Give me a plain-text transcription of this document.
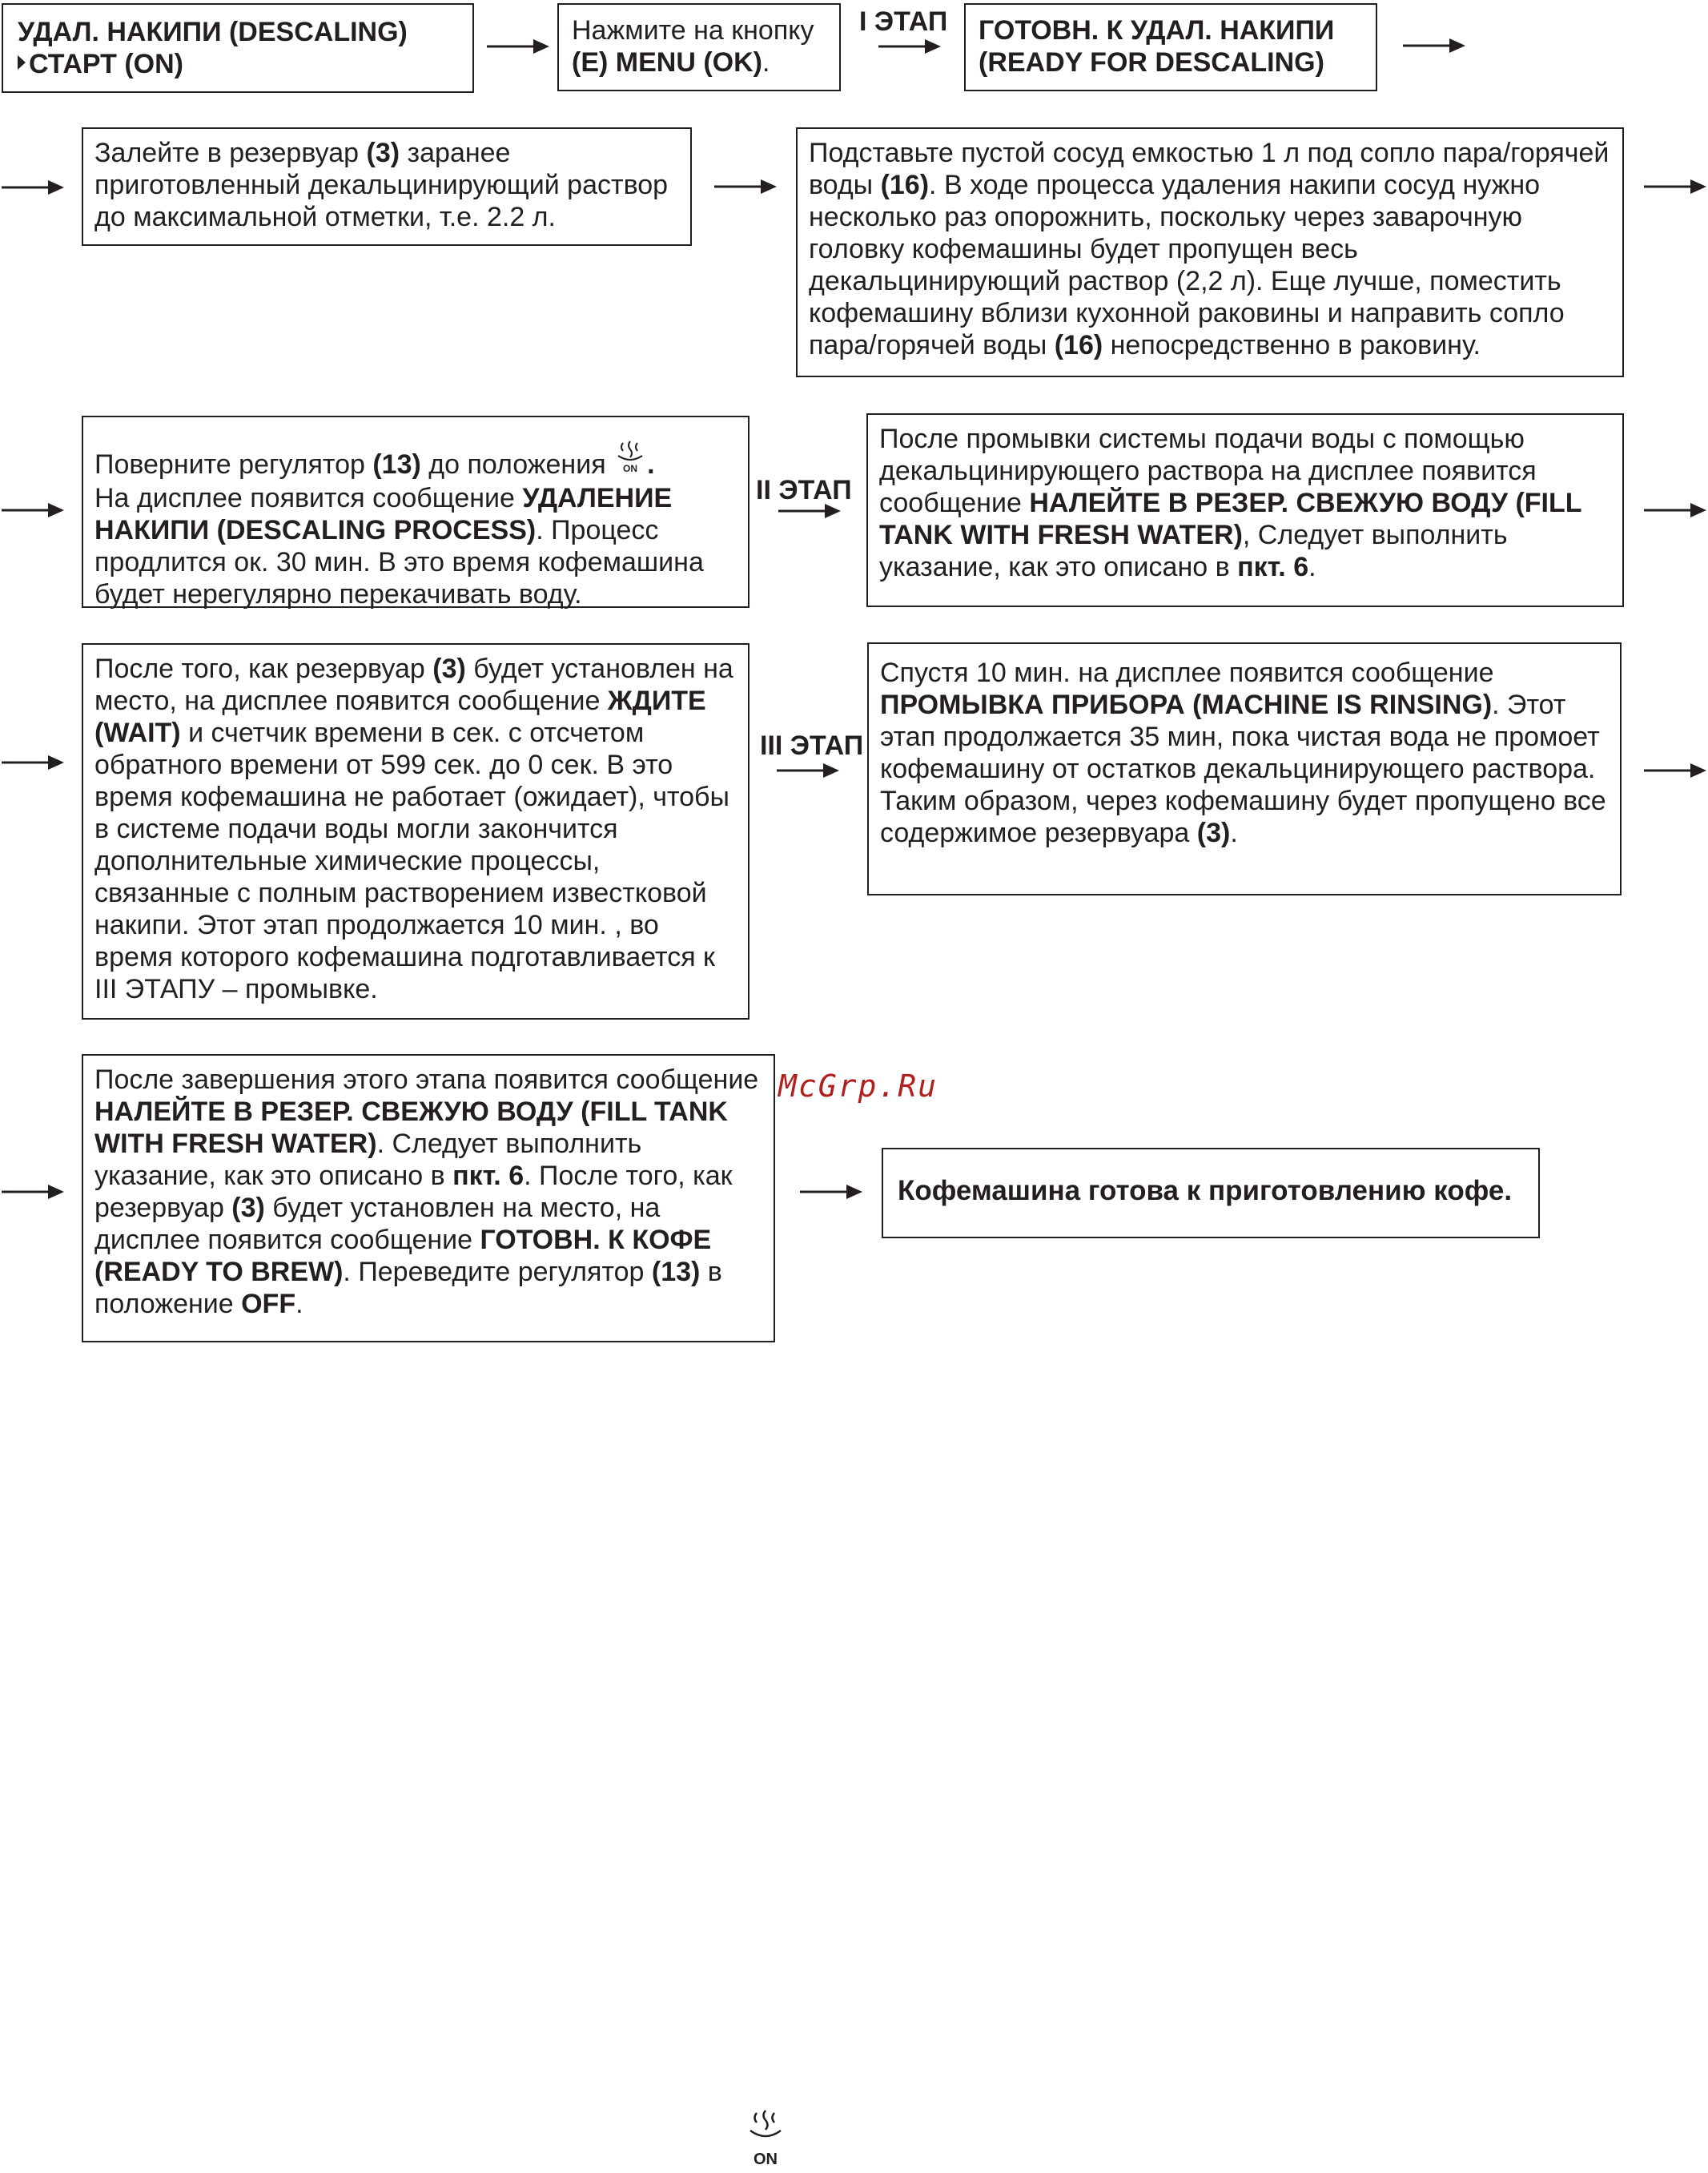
УДАЛ. НАКИПИ (DESCALING)

СТАРТ (ON)

Нажмите на кнопку

(E) MENU (OK).

I ЭТАП ГОТОВН. К УДАЛ. НАКИПИ

(READY FOR DESCALING)

Залейте в резервуар (3) заранее приготовленный декальцинирующий раствор до максимальной отметки, т.е. 2.2 л.

Подставьте пустой сосуд емкостью 1 л под сопло пара/горячей воды (16). В ходе процесса удаления накипи сосуд нужно несколько раз опорожнить, поскольку через заварочную головку кофемашины будет пропущен весь декальцинирующий раствор (2,2 л). Еще лучше, поместить кофемашину вблизи кухонной раковины и направить сопло пара/горячей воды (16) непосредственно в раковину.

Поверните регулятор (13) до положения ON .
На дисплее появится сообщение УДАЛЕНИЕ НАКИПИ (DESCALING PROCESS). Процесс продлится ок. 30 мин. В это время кофемашина будет нерегулярно перекачивать воду.

II ЭТАП

После промывки системы подачи воды с помощью декальцинирующего раствора на дисплее появится сообщение НАЛЕЙТЕ В РЕЗЕР. СВЕЖУЮ ВОДУ (FILL TANK WITH FRESH WATER), Следует выполнить указание, как это описано в пкт. 6.

После того, как резервуар (3) будет установлен на место, на дисплее появится сообщение ЖДИТЕ (WAIT) и счетчик времени в сек. с отсчетом обратного времени от 599 сек. до 0 сек. В это время кофемашина не работает (ожидает), чтобы в системе подачи воды могли закончится дополнительные химические процессы, связанные с полным растворением известковой накипи. Этот этап продолжается 10 мин. , во время которого кофемашина подготавливается к III ЭТАПУ – промывке.

III ЭТАП

Спустя 10 мин. на дисплее появится сообщение ПРОМЫВКА ПРИБОРА (MACHINE IS RINSING). Этот этап продолжается 35 мин, пока чистая вода не промоет кофемашину от остатков декальцинирующего раствора. Таким образом, через кофемашину будет пропущено все содержимое резервуара (3).

После завершения этого этапа появится сообщение НАЛЕЙТЕ В РЕЗЕР. СВЕЖУЮ ВОДУ (FILL TANK WITH FRESH WATER). Следует выполнить указание, как это описано в пкт. 6. После того, как резервуар (3) будет установлен на место, на дисплее появится сообщение ГОТОВН. К КОФЕ (READY TO BREW). Переведите регулятор (13) в положение OFF.

McGrp.Ru

Кофемашина готова к приготовлению кофе.

ON
